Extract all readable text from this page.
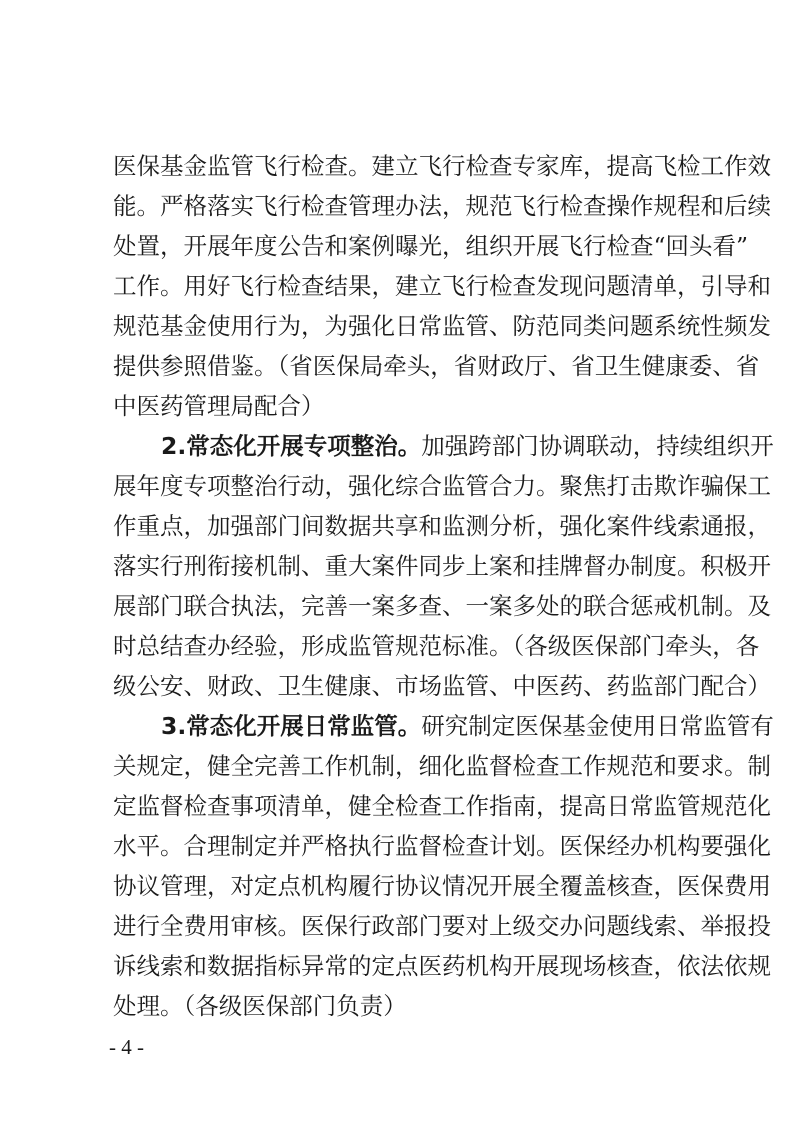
医保基金监管飞行检查。建立飞行检查专家库，提高飞检工作效
能。严格落实飞行检查管理办法，规范飞行检查操作规程和后续
处置，开展年度公告和案例曝光，组织开展飞行检查“回头看”
工作。用好飞行检查结果，建立飞行检查发现问题清单，引导和
规范基金使用行为，为强化日常监管、防范同类问题系统性频发
提供参照借鉴。（省医保局牵头，省财政厅、省卫生健康委、省
中医药管理局配合）
2.常态化开展专项整治。加强跨部门协调联动，持续组织开
展年度专项整治行动，强化综合监管合力。聚焦打击欺诈骗保工
作重点，加强部门间数据共享和监测分析，强化案件线索通报，
落实行刑衔接机制、重大案件同步上案和挂牌督办制度。积极开
展部门联合执法，完善一案多查、一案多处的联合惩戒机制。及
时总结查办经验，形成监管规范标准。（各级医保部门牵头，各
级公安、财政、卫生健康、市场监管、中医药、药监部门配合）
3.常态化开展日常监管。研究制定医保基金使用日常监管有
关规定，健全完善工作机制，细化监督检查工作规范和要求。制
定监督检查事项清单，健全检查工作指南，提高日常监管规范化
水平。合理制定并严格执行监督检查计划。医保经办机构要强化
协议管理，对定点机构履行协议情况开展全覆盖核查，医保费用
进行全费用审核。医保行政部门要对上级交办问题线索、举报投
诉线索和数据指标异常的定点医药机构开展现场核查，依法依规
处理。（各级医保部门负责）
- 4 -
